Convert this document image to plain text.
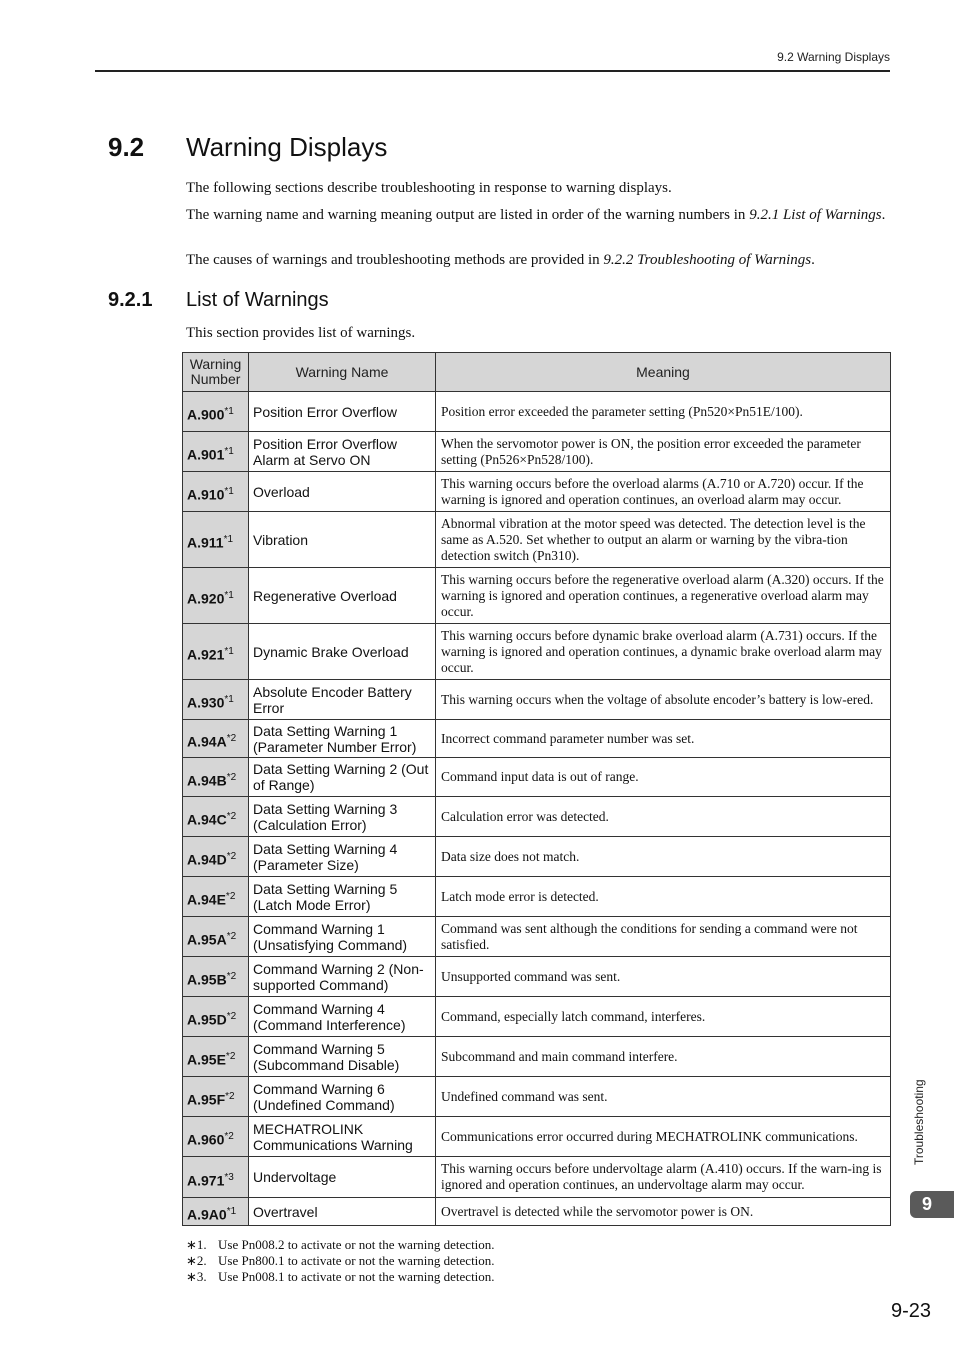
9.2 Warning Displays
9.2 Warning Displays
The following sections describe troubleshooting in response to warning displays.
The warning name and warning meaning output are listed in order of the warning numbers in 9.2.1 List of Warnings.
The causes of warnings and troubleshooting methods are provided in 9.2.2 Troubleshooting of Warnings.
9.2.1 List of Warnings
This section provides list of warnings.
Warning Number	Warning Name	Meaning
A.900$^{*1}$	Position Error Overflow	Position error exceeded the parameter setting (Pn520×Pn51E/100).
A.901$^{*1}$	Position Error Overflow Alarm at Servo ON	When the servomotor power is ON, the position error exceeded the parameter setting (Pn526×Pn528/100).
A.910$^{*1}$	Overload	This warning occurs before the overload alarms (A.710 or A.720) occur. If the warning is ignored and operation continues, an overload alarm may occur.
A.911$^{*1}$	Vibration	Abnormal vibration at the motor speed was detected. The detection level is the same as A.520. Set whether to output an alarm or warning by the vibra-tion detection switch (Pn310).
A.920$^{*1}$	Regenerative Overload	This warning occurs before the regenerative overload alarm (A.320) occurs. If the warning is ignored and operation continues, a regenerative overload alarm may occur.
A.921$^{*1}$	Dynamic Brake Overload	This warning occurs before dynamic brake overload alarm (A.731) occurs. If the warning is ignored and operation continues, a dynamic brake overload alarm may occur.
A.930$^{*1}$	Absolute Encoder Battery Error	This warning occurs when the voltage of absolute encoder’s battery is low-ered.
$A.94A^{*2}$	Data Setting Warning 1 (Parameter Number Error)	Incorrect command parameter number was set.
$A.94B^{*2}$	Data Setting Warning 2 (Out of Range)	Command input data is out of range.
$A.94C^{*2}$	Data Setting Warning 3 (Calculation Error)	Calculation error was detected.
$A.94D^{*2}$	Data Setting Warning 4 (Parameter Size)	Data size does not match.
$A.94E^{*2}$	Data Setting Warning 5 (Latch Mode Error)	Latch mode error is detected.
$A.95A^{*2}$	Command Warning 1 (Unsatisfying Command)	Command was sent although the conditions for sending a command were not satisfied.
$A.95B^{*2}$	Command Warning 2 (Non-supported Command)	Unsupported command was sent.
$A.95D^{*2}$	Command Warning 4 (Command Interference)	Command, especially latch command, interferes.
$A.95E^{*2}$	Command Warning 5 (Subcommand Disable)	Subcommand and main command interfere.
$A.95F^{*2}$	Command Warning 6 (Undefined Command)	Undefined command was sent.
A.960$^{*2}$	MECHATROLINK Communications Warning	Communications error occurred during MECHATROLINK communications.
A.971$^{*3}$	Undervoltage	This warning occurs before undervoltage alarm (A.410) occurs. If the warn-ing is ignored and operation continues, an undervoltage alarm may occur.
A.9A0$^{*1}$	Overtravel	Overtravel is detected while the servomotor power is ON.
∗1. Use Pn008.2 to activate or not the warning detection.
∗2. Use Pn800.1 to activate or not the warning detection.
∗3. Use Pn008.1 to activate or not the warning detection.
Troubleshooting
9
9-23
